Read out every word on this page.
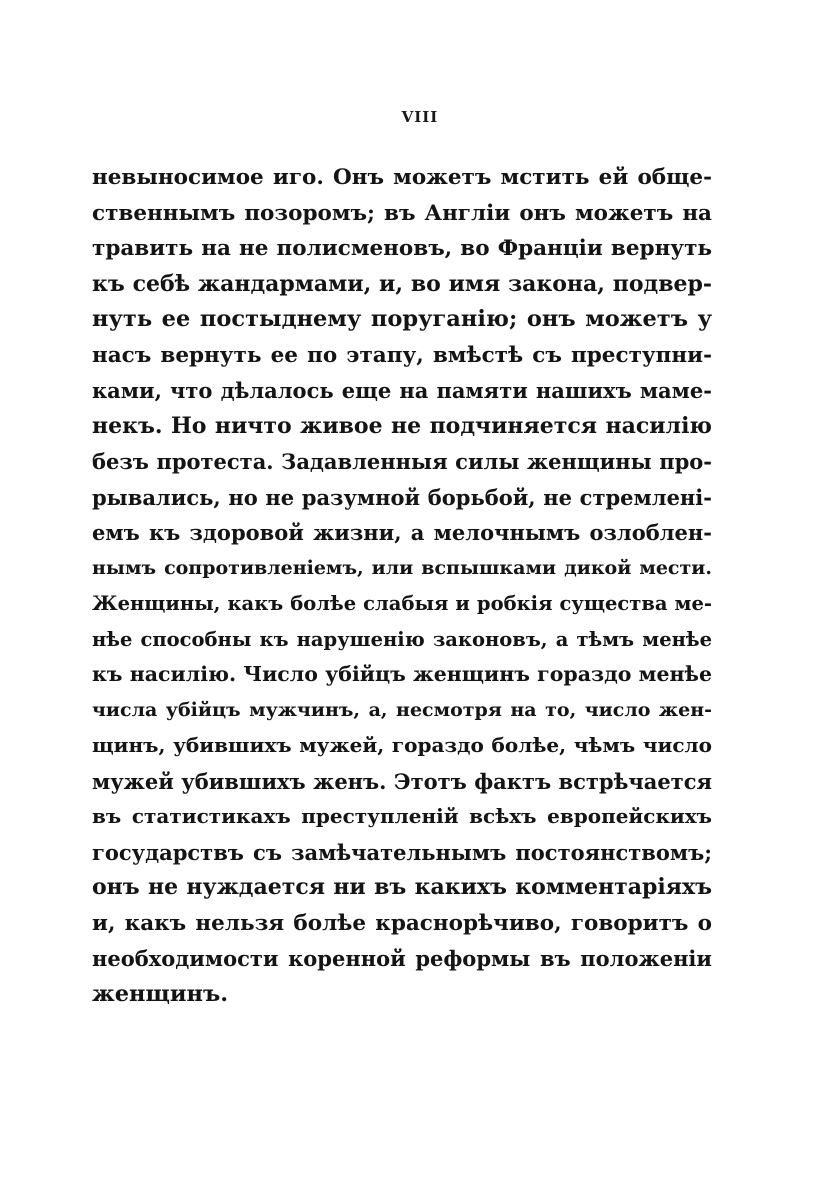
VIII
невыносимое иго. Онъ можетъ мстить ей обще-
ственнымъ позоромъ; въ Англіи онъ можетъ на
травить на не полисменовъ, во Франціи вернуть
къ себѣ жандармами, и, во имя закона, подвер-
нуть ее постыднему поруганію; онъ можетъ у
насъ вернуть ее по этапу, вмѣстѣ съ преступни-
ками, что дѣлалось еще на памяти нашихъ маме-
некъ. Но ничто живое не подчиняется насилію
безъ протеста. Задавленныя силы женщины про-
рывались, но не разумной борьбой, не стремлені-
емъ къ здоровой жизни, а мелочнымъ озлоблен-
нымъ сопротивленіемъ, или вспышками дикой мести.
Женщины, какъ болѣе слабыя и робкія существа ме-
нѣе способны къ нарушенію законовъ, а тѣмъ менѣе
къ насилію. Число убійцъ женщинъ гораздо менѣе
числа убійцъ мужчинъ, а, несмотря на то, число жен-
щинъ, убившихъ мужей, гораздо болѣе, чѣмъ число
мужей убившихъ женъ. Этотъ фактъ встрѣчается
въ статистикахъ преступленій всѣхъ европейскихъ
государствъ съ замѣчательнымъ постоянствомъ;
онъ не нуждается ни въ какихъ комментаріяхъ
и, какъ нельзя болѣе краснорѣчиво, говоритъ о
необходимости коренной реформы въ положеніи
женщинъ.
